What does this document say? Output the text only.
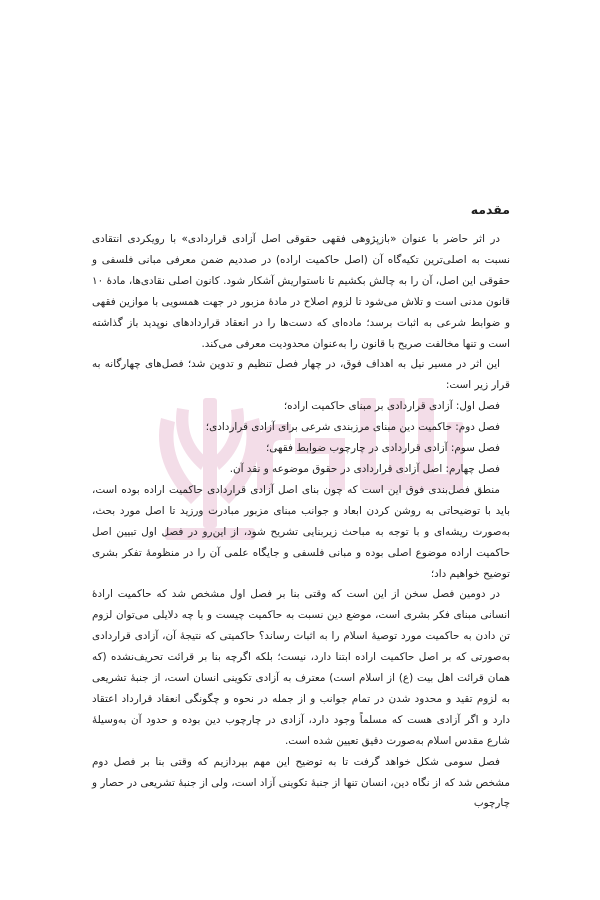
مقدمه

در اثر حاضر با عنوان «بازپژوهی فقهی حقوقی اصل آزادی قراردادی» با رویکردی انتقادی نسبت به اصلی‌ترین تکیه‌گاه آن (اصل حاکمیت اراده) در صددیم ضمن معرفی مبانی فلسفی و حقوقی این اصل، آن را به چالش بکشیم تا ناستواریش آشکار شود. کانون اصلی نقادی‌ها، مادهٔ ۱۰ قانون مدنی است و تلاش می‌شود تا لزوم اصلاح در مادهٔ مزبور در جهت همسویی با موازین فقهی و ضوابط شرعی به اثبات برسد؛ ماده‌ای که دست‌ها را در انعقاد قراردادهای نوپدید باز گذاشته است و تنها مخالفت صریح با قانون را به‌عنوان محدودیت معرفی می‌کند.

این اثر در مسیر نیل به اهداف فوق، در چهار فصل تنظیم و تدوین شد؛ فصل‌های چهارگانه به قرار زیر است:

فصل اول: آزادی قراردادی بر مبنای حاکمیت اراده؛
فصل دوم: حاکمیت دین مبنای مرزبندی شرعی برای آزادی قراردادی؛
فصل سوم: آزادی قراردادی در چارچوب ضوابط فقهی؛
فصل چهارم: اصل آزادی قراردادی در حقوق موضوعه و نقد آن.

منطق فصل‌بندی فوق این است که چون بنای اصل آزادی قراردادی حاکمیت اراده بوده است، باید با توضیحاتی به روشن کردن ابعاد و جوانب مبنای مزبور مبادرت ورزید تا اصل مورد بحث، به‌صورت ریشه‌ای و با توجه به مباحث زیربنایی تشریح شود، از این‌رو در فصل اول تبیین اصل حاکمیت اراده موضوع اصلی بوده و مبانی فلسفی و جایگاه علمی آن را در منظومهٔ تفکر بشری توضیح خواهیم داد؛

در دومین فصل سخن از این است که وقتی بنا بر فصل اول مشخص شد که حاکمیت ارادهٔ انسانی مبنای فکر بشری است، موضع دین نسبت به حاکمیت چیست و با چه دلایلی می‌توان لزوم تن دادن به حاکمیت مورد توصیهٔ اسلام را به اثبات رساند؟ حاکمیتی که نتیجهٔ آن، آزادی قراردادی به‌صورتی که بر اصل حاکمیت اراده ابتنا دارد، نیست؛ بلکه اگرچه بنا بر قرائت تحریف‌نشده (که همان قرائت اهل بیت (ع) از اسلام است) معترف به آزادی تکوینی انسان است، از جنبهٔ تشریعی به لزوم تقید و محدود شدن در تمام جوانب و از جمله در نحوه و چگونگی انعقاد قرارداد اعتقاد دارد و اگر آزادی هست که مسلماً وجود دارد، آزادی در چارچوب دین بوده و حدود آن به‌وسیلهٔ شارع مقدس اسلام به‌صورت دقیق تعیین شده است.

فصل سومی شکل خواهد گرفت تا به توضیح این مهم بپردازیم که وقتی بنا بر فصل دوم مشخص شد که از نگاه دین، انسان تنها از جنبهٔ تکوینی آزاد است، ولی از جنبهٔ تشریعی در حصار و چارچوب
